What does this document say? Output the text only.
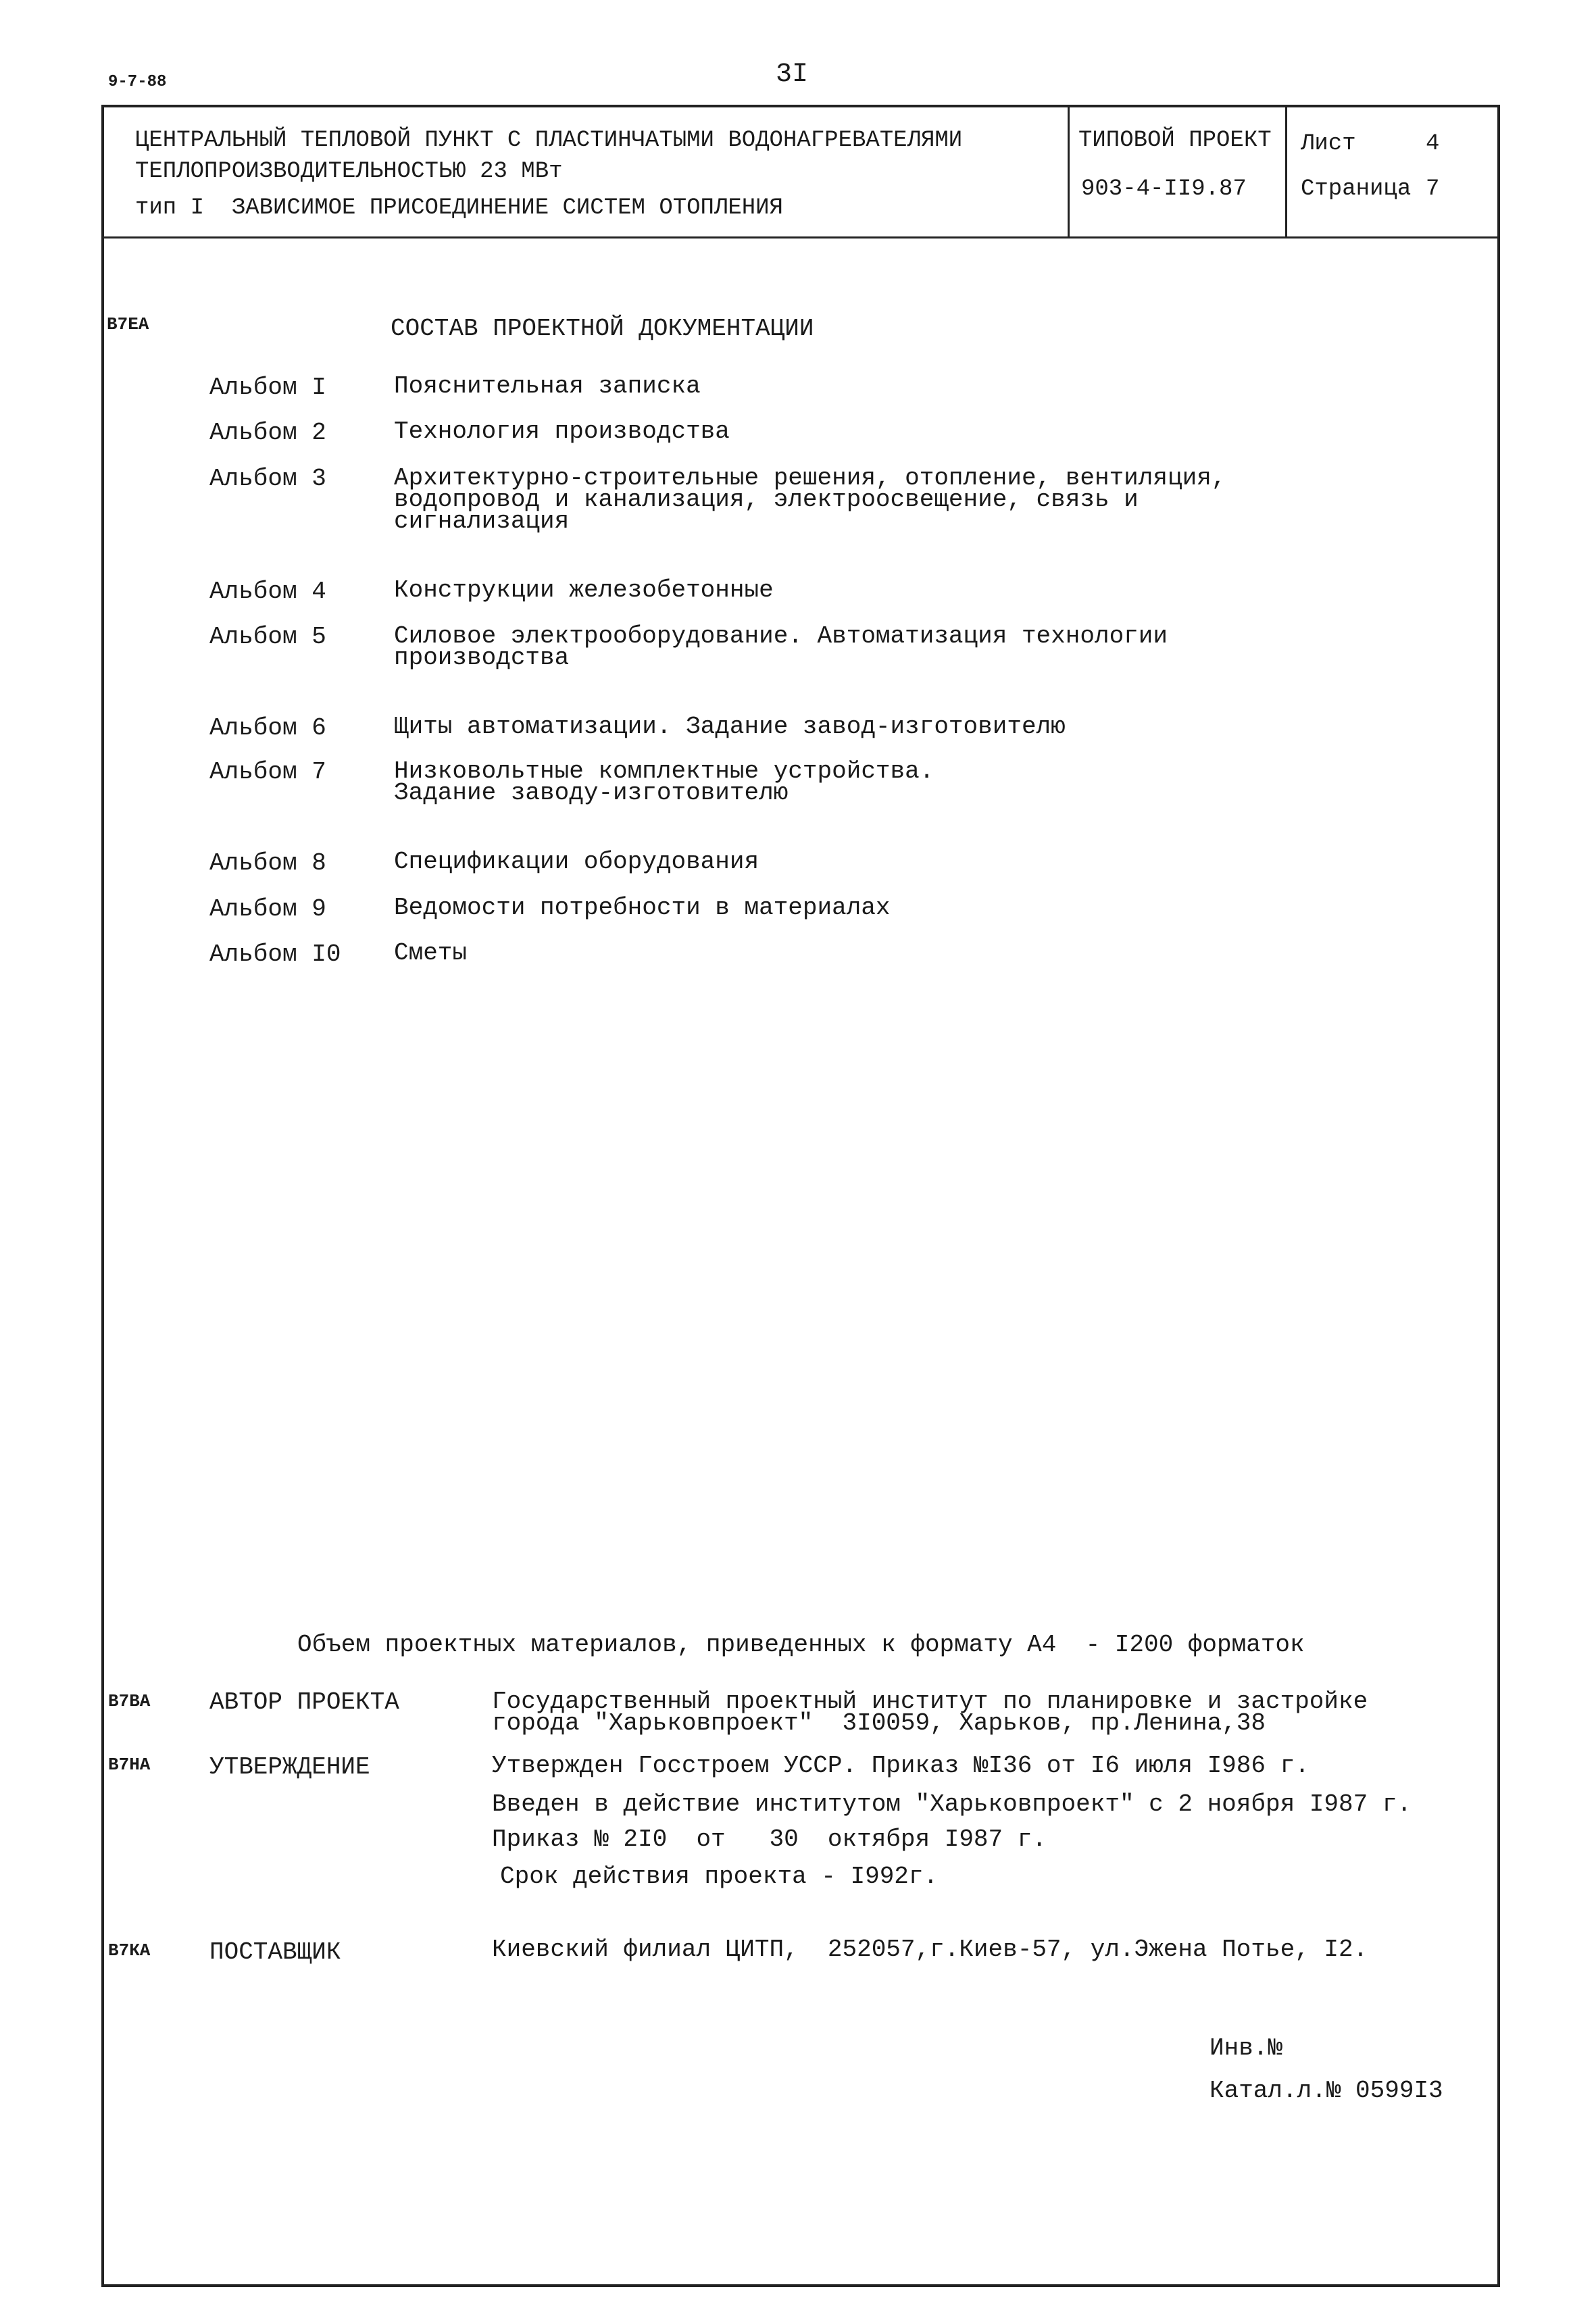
9-7-88	3I
ЦЕНТРАЛЬНЫЙ ТЕПЛОВОЙ ПУНКТ С ПЛАСТИНЧАТЫМИ ВОДОНАГРЕВАТЕЛЯМИ
ТЕПЛОПРОИЗВОДИТЕЛЬНОСТЬЮ 23 МВт
тип I  ЗАВИСИМОЕ ПРИСОЕДИНЕНИЕ СИСТЕМ ОТОПЛЕНИЯ
ТИПОВОЙ ПРОЕКТ
903-4-II9.87
Лист	4
Страница 7
В7ЕА	СОСТАВ ПРОЕКТНОЙ ДОКУМЕНТАЦИИ
Альбом I	Пояснительная записка
Альбом 2	Технология производства
Альбом 3	Архитектурно-строительные решения, отопление, вентиляция,
водопровод и канализация, электроосвещение, связь и
сигнализация
Альбом 4	Конструкции железобетонные
Альбом 5	Силовое электрооборудование. Автоматизация технологии
производства
Альбом 6	Щиты автоматизации. Задание завод-изготовителю
Альбом 7	Низковольтные комплектные устройства.
Задание заводу-изготовителю
Альбом 8	Спецификации оборудования
Альбом 9	Ведомости потребности в материалах
Альбом I0 Сметы
Объем проектных материалов, приведенных к формату А4  - I200 форматок
В7ВА АВТОР ПРОЕКТА	Государственный проектный институт по планировке и застройке
города "Харьковпроект"  3I0059, Харьков, пр.Ленина,38
В7НА УТВЕРЖДЕНИЕ	Утвержден Госстроем УССР. Приказ №I36 от I6 июля I986 г.
Введен в действие институтом "Харьковпроект" с 2 ноября I987 г.
Приказ № 2I0  от   30  октября I987 г.
Срок действия проекта - I992г.
В7КА ПОСТАВЩИК	Киевский филиал ЦИТП,  252057,г.Киев-57, ул.Эжена Потье, I2.
Инв.№
Катал.л.№ 0599I3
